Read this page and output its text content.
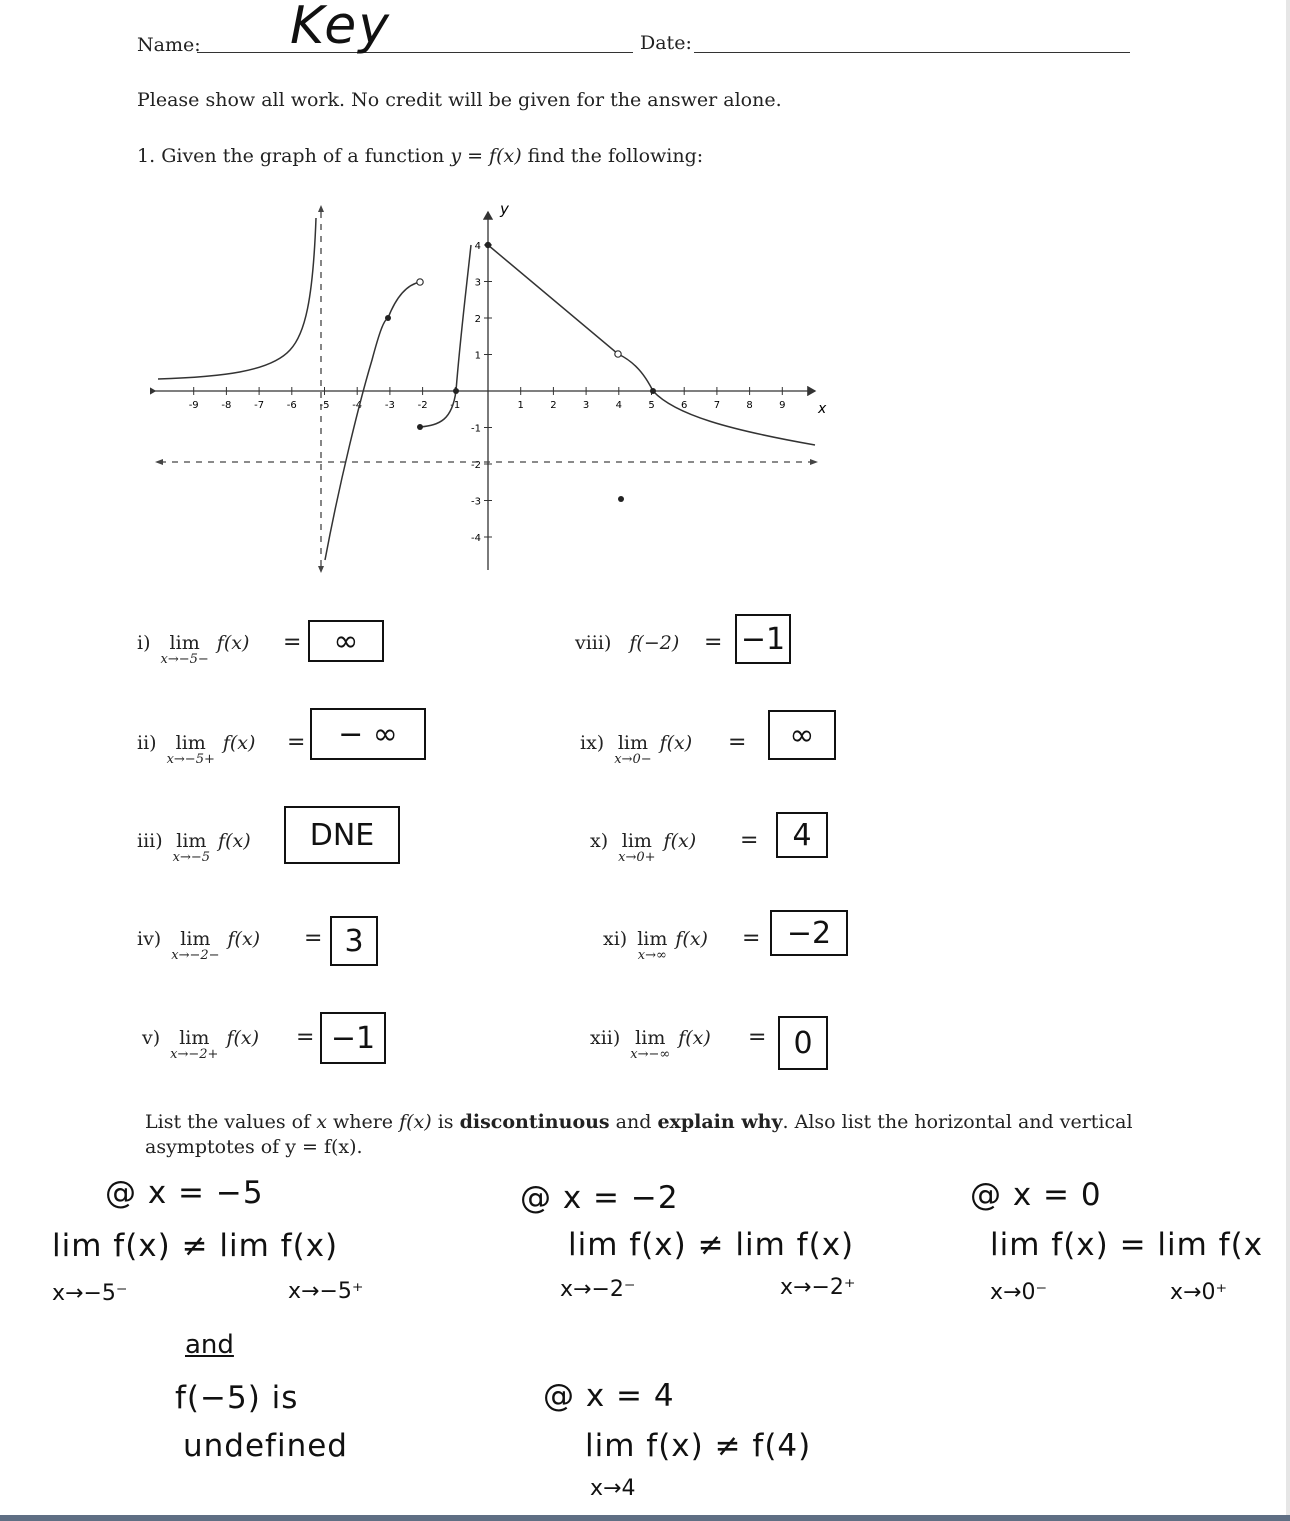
Name: Key	Date:
Please show all work. No credit will be given for the answer alone.
1. Given the graph of a function y = f(x) find the following:
x
y
-9 -8 -7 -6 -5 -4 -3 -2 -1	1	2	3	4	5	6	7	8	9
4
3
2
1
-1
-2
-3
-4
i)	lim
x→−5−
f(x) =	∞
ii)	lim
x→−5+
f(x) =	− ∞
iii) lim
x→−5
f(x)	DNE
iv)	lim
x→−2−
f(x) = 3
v)	lim
x→−2+
f(x) = −1
viii) f(−2) = −1
ix) lim
x→0−
f(x) =	∞
x) lim
x→0+
f(x) =	4
xi) lim
x→∞
f(x) = −2
xii) lim
x→−∞
f(x) = 0
List the values of x where f(x) is discontinuous and explain why. Also list the horizontal and vertical
asymptotes of y = f(x).
@ x = −5
lim f(x) ≠ lim f(x)
x→−5⁻	x→−5⁺
and
f(−5) is
undefined
@ x = −2
lim f(x) ≠ lim f(x)
x→−2⁻	x→−2⁺
@ x = 0
lim f(x) = lim f(x
x→0⁻	x→0⁺
@ x = 4
lim f(x) ≠ f(4)
x→4
